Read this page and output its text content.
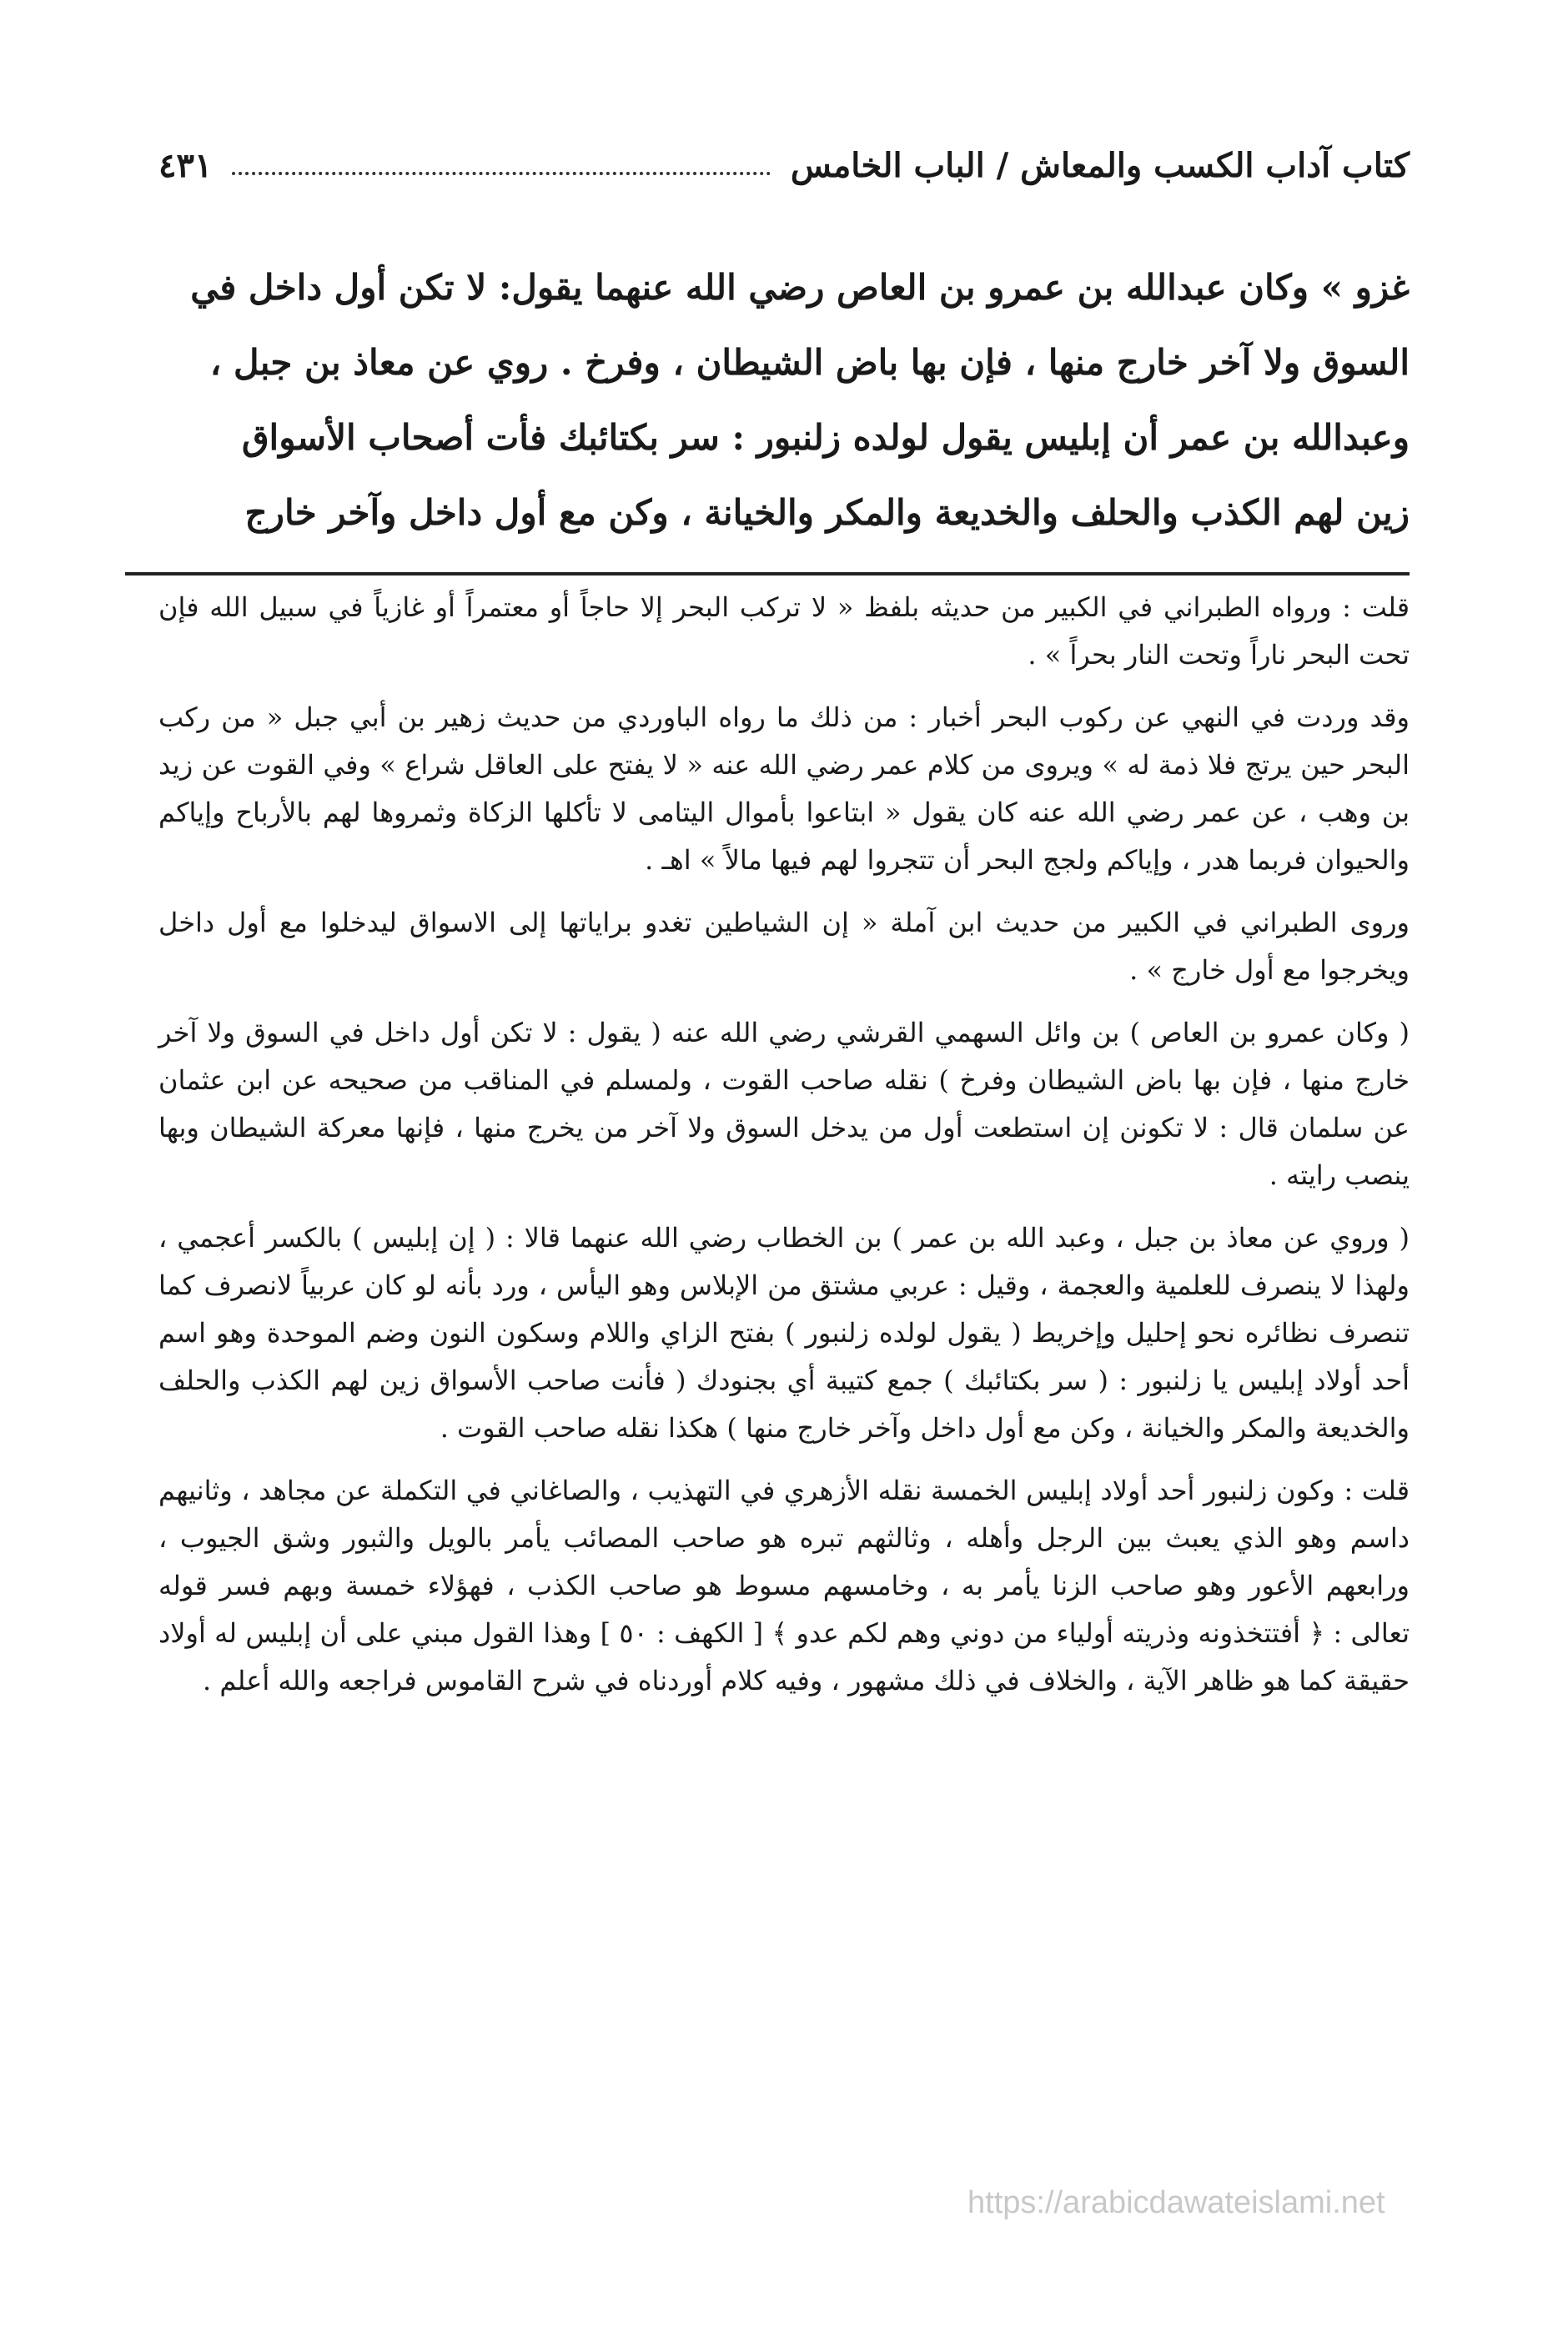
كتاب آداب الكسب والمعاش / الباب الخامس
٤٣١
غزو » وكان عبدالله بن عمرو بن العاص رضي الله عنهما يقول: لا تكن أول داخل في
السوق ولا آخر خارج منها ، فإن بها باض الشيطان ، وفرخ . روي عن معاذ بن جبل ،
وعبدالله بن عمر أن إبليس يقول لولده زلنبور : سر بكتائبك فأت أصحاب الأسواق
زين لهم الكذب والحلف والخديعة والمكر والخيانة ، وكن مع أول داخل وآخر خارج
قلت : ورواه الطبراني في الكبير من حديثه بلفظ « لا تركب البحر إلا حاجاً أو معتمراً أو غازياً في سبيل الله فإن تحت البحر ناراً وتحت النار بحراً » .
وقد وردت في النهي عن ركوب البحر أخبار : من ذلك ما رواه الباوردي من حديث زهير بن أبي جبل « من ركب البحر حين يرتج فلا ذمة له » ويروى من كلام عمر رضي الله عنه « لا يفتح على العاقل شراع » وفي القوت عن زيد بن وهب ، عن عمر رضي الله عنه كان يقول « ابتاعوا بأموال اليتامى لا تأكلها الزكاة وثمروها لهم بالأرباح وإياكم والحيوان فربما هدر ، وإياكم ولجج البحر أن تتجروا لهم فيها مالاً » اهـ .
وروى الطبراني في الكبير من حديث ابن آملة « إن الشياطين تغدو براياتها إلى الاسواق ليدخلوا مع أول داخل ويخرجوا مع أول خارج » .
( وكان عمرو بن العاص ) بن وائل السهمي القرشي رضي الله عنه ( يقول : لا تكن أول داخل في السوق ولا آخر خارج منها ، فإن بها باض الشيطان وفرخ ) نقله صاحب القوت ، ولمسلم في المناقب من صحيحه عن ابن عثمان عن سلمان قال : لا تكونن إن استطعت أول من يدخل السوق ولا آخر من يخرج منها ، فإنها معركة الشيطان وبها ينصب رايته .
( وروي عن معاذ بن جبل ، وعبد الله بن عمر ) بن الخطاب رضي الله عنهما قالا : ( إن إبليس ) بالكسر أعجمي ، ولهذا لا ينصرف للعلمية والعجمة ، وقيل : عربي مشتق من الإبلاس وهو اليأس ، ورد بأنه لو كان عربياً لانصرف كما تنصرف نظائره نحو إحليل وإخريط ( يقول لولده زلنبور ) بفتح الزاي واللام وسكون النون وضم الموحدة وهو اسم أحد أولاد إبليس يا زلنبور : ( سر بكتائبك ) جمع كتيبة أي بجنودك ( فأنت صاحب الأسواق زين لهم الكذب والحلف والخديعة والمكر والخيانة ، وكن مع أول داخل وآخر خارج منها ) هكذا نقله صاحب القوت .
قلت : وكون زلنبور أحد أولاد إبليس الخمسة نقله الأزهري في التهذيب ، والصاغاني في التكملة عن مجاهد ، وثانيهم داسم وهو الذي يعبث بين الرجل وأهله ، وثالثهم تبره هو صاحب المصائب يأمر بالويل والثبور وشق الجيوب ، ورابعهم الأعور وهو صاحب الزنا يأمر به ، وخامسهم مسوط هو صاحب الكذب ، فهؤلاء خمسة وبهم فسر قوله تعالى : ﴿ أفتتخذونه وذريته أولياء من دوني وهم لكم عدو ﴾ [ الكهف : ٥٠ ] وهذا القول مبني على أن إبليس له أولاد حقيقة كما هو ظاهر الآية ، والخلاف في ذلك مشهور ، وفيه كلام أوردناه في شرح القاموس فراجعه والله أعلم .
https://arabicdawateislami.net
